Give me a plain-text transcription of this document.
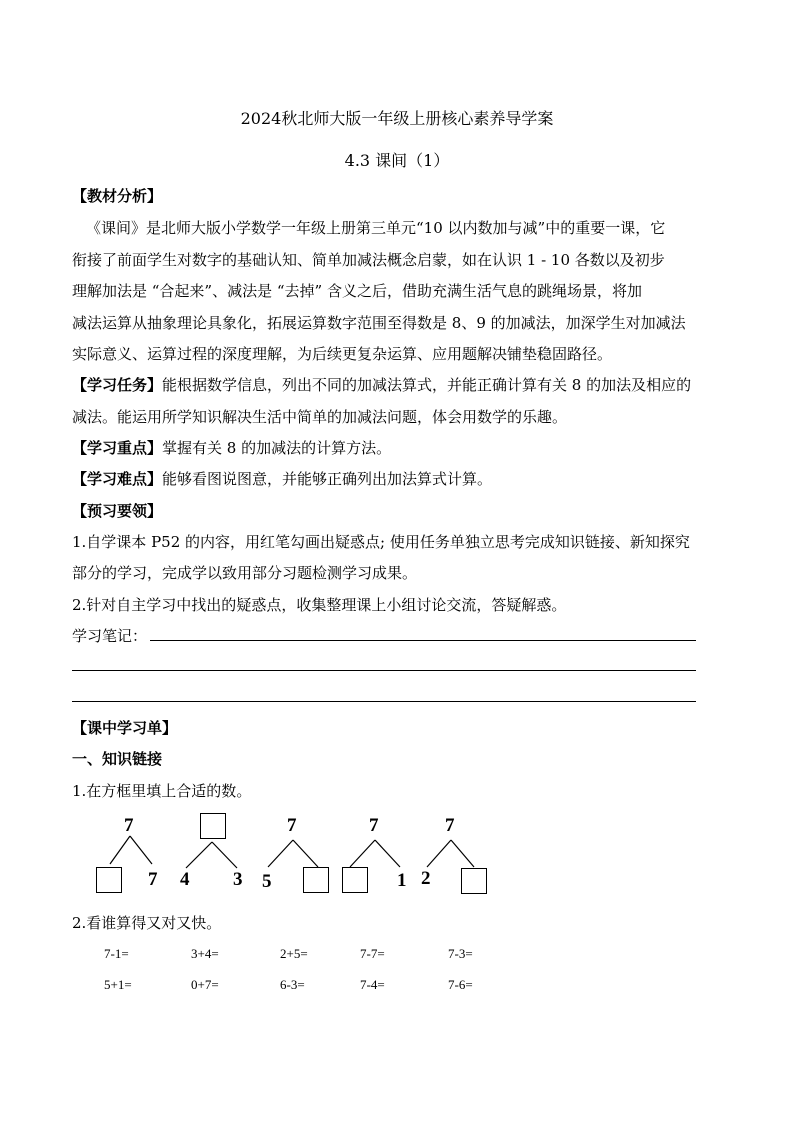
2024秋北师大版一年级上册核心素养导学案
4.3 课间（1）
【教材分析】
《课间》是北师大版小学数学一年级上册第三单元“10 以内数加与减”中的重要一课，它
衔接了前面学生对数字的基础认知、简单加减法概念启蒙，如在认识 1 - 10 各数以及初步
理解加法是 “合起来”、减法是 “去掉” 含义之后，借助充满生活气息的跳绳场景，将加
减法运算从抽象理论具象化，拓展运算数字范围至得数是 8、9 的加减法，加深学生对加减法
实际意义、运算过程的深度理解，为后续更复杂运算、应用题解决铺垫稳固路径。
【学习任务】能根据数学信息，列出不同的加减法算式，并能正确计算有关 8 的加法及相应的
减法。能运用所学知识解决生活中简单的加减法问题，体会用数学的乐趣。
【学习重点】掌握有关 8 的加减法的计算方法。
【学习难点】能够看图说图意，并能够正确列出加法算式计算。
【预习要领】
1.自学课本 P52 的内容，用红笔勾画出疑惑点; 使用任务单独立思考完成知识链接、新知探究
部分的学习，完成学以致用部分习题检测学习成果。
2.针对自主学习中找出的疑惑点，收集整理课上小组讨论交流，答疑解惑。
学习笔记：
【课中学习单】
一、知识链接
1.在方框里填上合适的数。
7
7 4 3
7
5
7
1
7
2
2.看谁算得又对又快。
7-1=	3+4=	2+5=	7-7=	7-3=
5+1=	0+7=	6-3=	7-4=	7-6=
